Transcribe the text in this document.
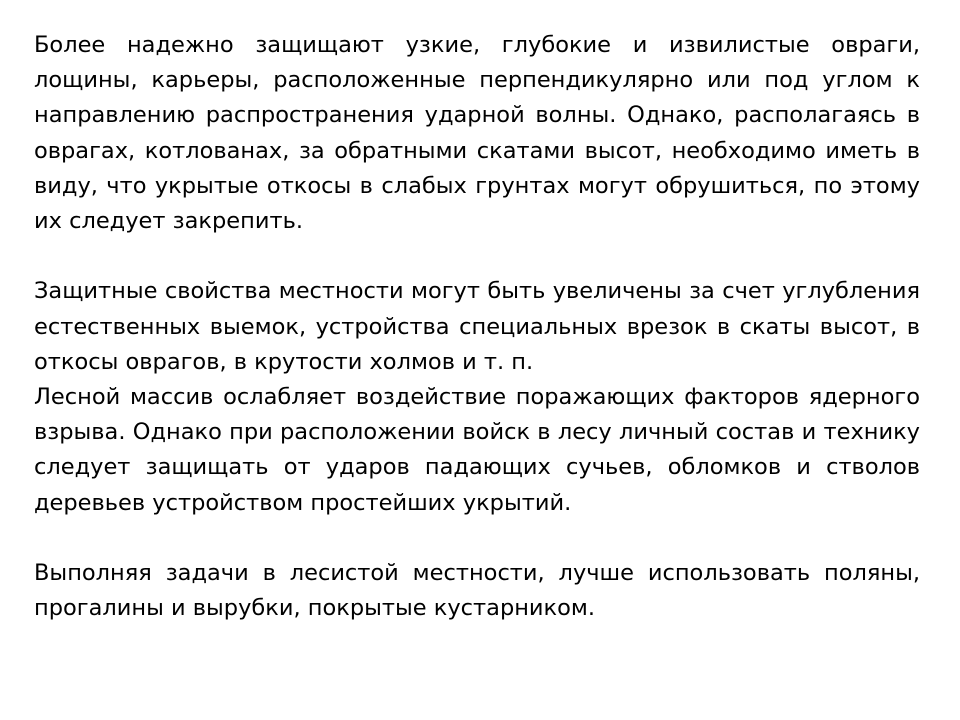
Более надежно защищают узкие, глубокие и извилистые овраги, лощины, карьеры, расположенные перпендикулярно или под углом к направлению распространения ударной волны. Однако, располагаясь в оврагах, котлованах, за обратными скатами высот, необходимо иметь в виду, что укрытые откосы в слабых грунтах могут обрушиться, по этому их следует закрепить.

Защитные свойства местности могут быть увеличены за счет углубления естественных выемок, устройства специальных врезок в скаты высот, в откосы оврагов, в крутости холмов и т. п.

Лесной массив ослабляет воздействие поражающих факторов ядерного взрыва. Однако при расположении войск в лесу личный состав и технику следует защищать от ударов падающих сучьев, обломков и стволов деревьев устройством простейших укрытий.

Выполняя задачи в лесистой местности, лучше использовать поляны, прогалины и вырубки, покрытые кустарником.
